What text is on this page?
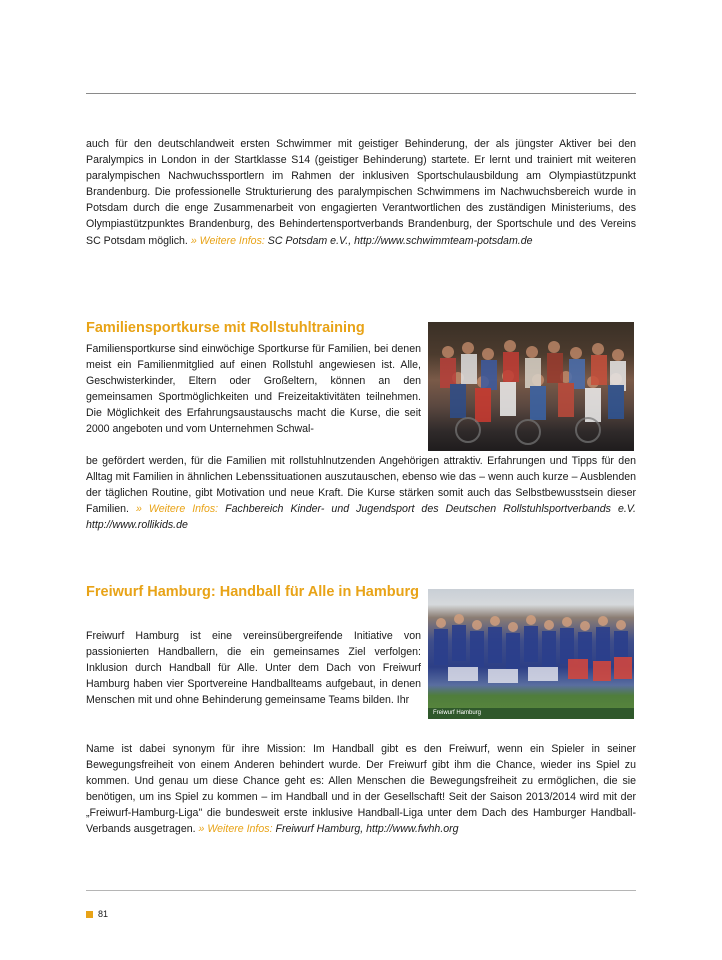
auch für den deutschlandweit ersten Schwimmer mit geistiger Behinderung, der als jüngster Aktiver bei den Paralympics in London in der Startklasse S14 (geistiger Behinderung) startete. Er lernt und trainiert mit weiteren paralympischen Nachwuchssportlern im Rahmen der inklusiven Sportschulausbildung am Olympiastützpunkt Brandenburg. Die professionelle Strukturierung des paralympischen Schwimmens im Nachwuchsbereich wurde in Potsdam durch die enge Zusammenarbeit von engagierten Verantwortlichen des zuständigen Ministeriums, des Olympiastützpunktes Brandenburg, des Behindertensportverbands Brandenburg, der Sportschule und des Vereins SC Potsdam möglich. » Weitere Infos: SC Potsdam e.V., http://www.schwimmteam-potsdam.de
Familiensportkurse mit Rollstuhltraining
Familiensportkurse sind einwöchige Sportkurse für Familien, bei denen meist ein Familienmitglied auf einen Rollstuhl angewiesen ist. Alle, Geschwisterkinder, Eltern oder Großeltern, können an den gemeinsamen Sportmöglichkeiten und Freizeitaktivitäten teilnehmen. Die Möglichkeit des Erfahrungsaustauschs macht die Kurse, die seit 2000 angeboten und vom Unternehmen Schwal-
be gefördert werden, für die Familien mit rollstuhlnutzenden Angehörigen attraktiv. Erfahrungen und Tipps für den Alltag mit Familien in ähnlichen Lebenssituationen auszutauschen, ebenso wie das – wenn auch kurze – Ausblenden der täglichen Routine, gibt Motivation und neue Kraft. Die Kurse stärken somit auch das Selbstbewusstsein dieser Familien. » Weitere Infos: Fachbereich Kinder- und Jugendsport des Deutschen Rollstuhlsportverbands e.V. http://www.rollikids.de
Freiwurf Hamburg: Handball für Alle in Hamburg
Freiwurf Hamburg
Freiwurf Hamburg ist eine vereinsübergreifende Initiative von passionierten Handballern, die ein gemeinsames Ziel verfolgen: Inklusion durch Handball für Alle. Unter dem Dach von Freiwurf Hamburg haben vier Sportvereine Handballteams aufgebaut, in denen Menschen mit und ohne Behinderung gemeinsame Teams bilden. Ihr
Name ist dabei synonym für ihre Mission: Im Handball gibt es den Freiwurf, wenn ein Spieler in seiner Bewegungsfreiheit von einem Anderen behindert wurde. Der Freiwurf gibt ihm die Chance, wieder ins Spiel zu kommen. Und genau um diese Chance geht es: Allen Menschen die Bewegungsfreiheit zu ermöglichen, die sie benötigen, um ins Spiel zu kommen – im Handball und in der Gesellschaft! Seit der Saison 2013/2014 wird mit der „Freiwurf-Hamburg-Liga" die bundesweit erste inklusive Handball-Liga unter dem Dach des Hamburger Handball-Verbands ausgetragen. » Weitere Infos: Freiwurf Hamburg, http://www.fwhh.org
81
